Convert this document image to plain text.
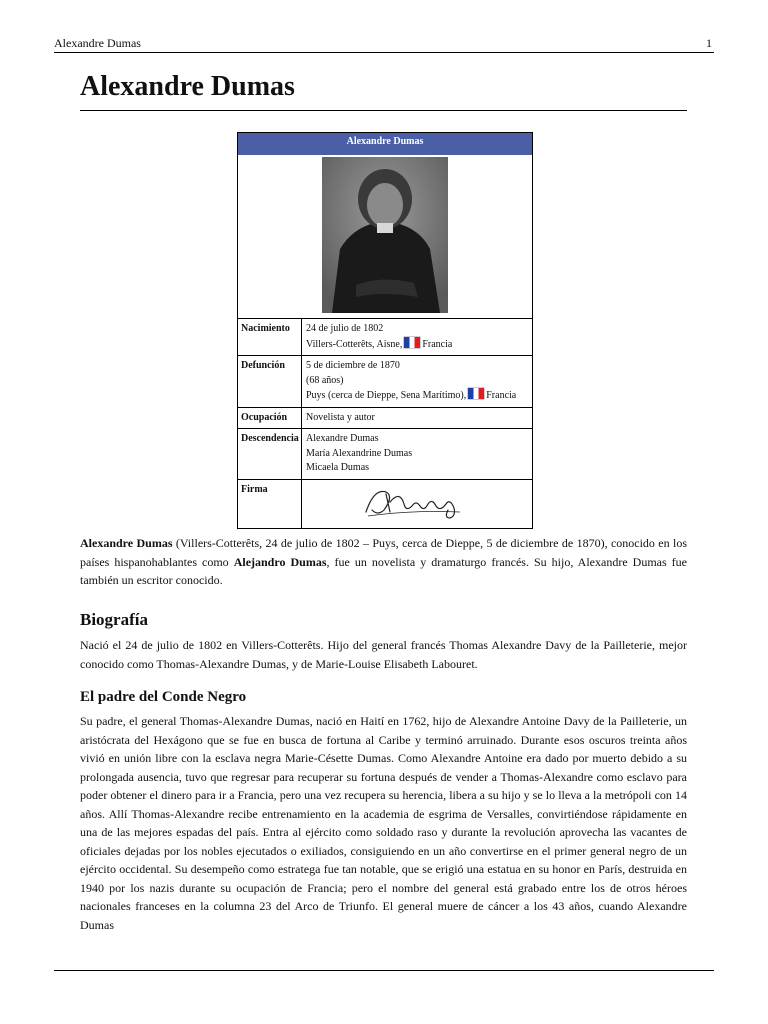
Alexandre Dumas	1
Alexandre Dumas
Alexandre Dumas
Nacimiento	24 de julio de 1802
Villers-Cotterêts, Aisne, Francia
Defunción	5 de diciembre de 1870
(68 años)
Puys (cerca de Dieppe, Sena Marítimo), Francia
Ocupación	Novelista y autor
Descendencia Alexandre Dumas
María Alexandrine Dumas
Micaela Dumas
Firma

Alexandre Dumas (Villers-Cotterêts, 24 de julio de 1802 – Puys, cerca de Dieppe, 5 de diciembre de 1870), conocido en los países hispanohablantes como Alejandro Dumas, fue un novelista y dramaturgo francés. Su hijo, Alexandre Dumas fue también un escritor conocido.

Biografía

Nació el 24 de julio de 1802 en Villers-Cotterêts. Hijo del general francés Thomas Alexandre Davy de la Pailleterie, mejor conocido como Thomas-Alexandre Dumas, y de Marie-Louise Elisabeth Labouret.

El padre del Conde Negro

Su padre, el general Thomas-Alexandre Dumas, nació en Haití en 1762, hijo de Alexandre Antoine Davy de la Pailleterie, un aristócrata del Hexágono que se fue en busca de fortuna al Caribe y terminó arruinado. Durante esos oscuros treinta años vivió en unión libre con la esclava negra Marie-Césette Dumas. Como Alexandre Antoine era dado por muerto debido a su prolongada ausencia, tuvo que regresar para recuperar su fortuna después de vender a Thomas-Alexandre como esclavo para poder obtener el dinero para ir a Francia, pero una vez recupera su herencia, libera a su hijo y se lo lleva a la metrópoli con 14 años. Allí Thomas-Alexandre recibe entrenamiento en la academia de esgrima de Versalles, convirtiéndose rápidamente en una de las mejores espadas del país. Entra al ejército como soldado raso y durante la revolución aprovecha las vacantes de oficiales dejadas por los nobles ejecutados o exiliados, consiguiendo en un año convertirse en el primer general negro de un ejército occidental. Su desempeño como estratega fue tan notable, que se erigió una estatua en su honor en París, destruida en 1940 por los nazis durante su ocupación de Francia; pero el nombre del general está grabado entre los de otros héroes nacionales franceses en la columna 23 del Arco de Triunfo. El general muere de cáncer a los 43 años, cuando Alexandre Dumas
